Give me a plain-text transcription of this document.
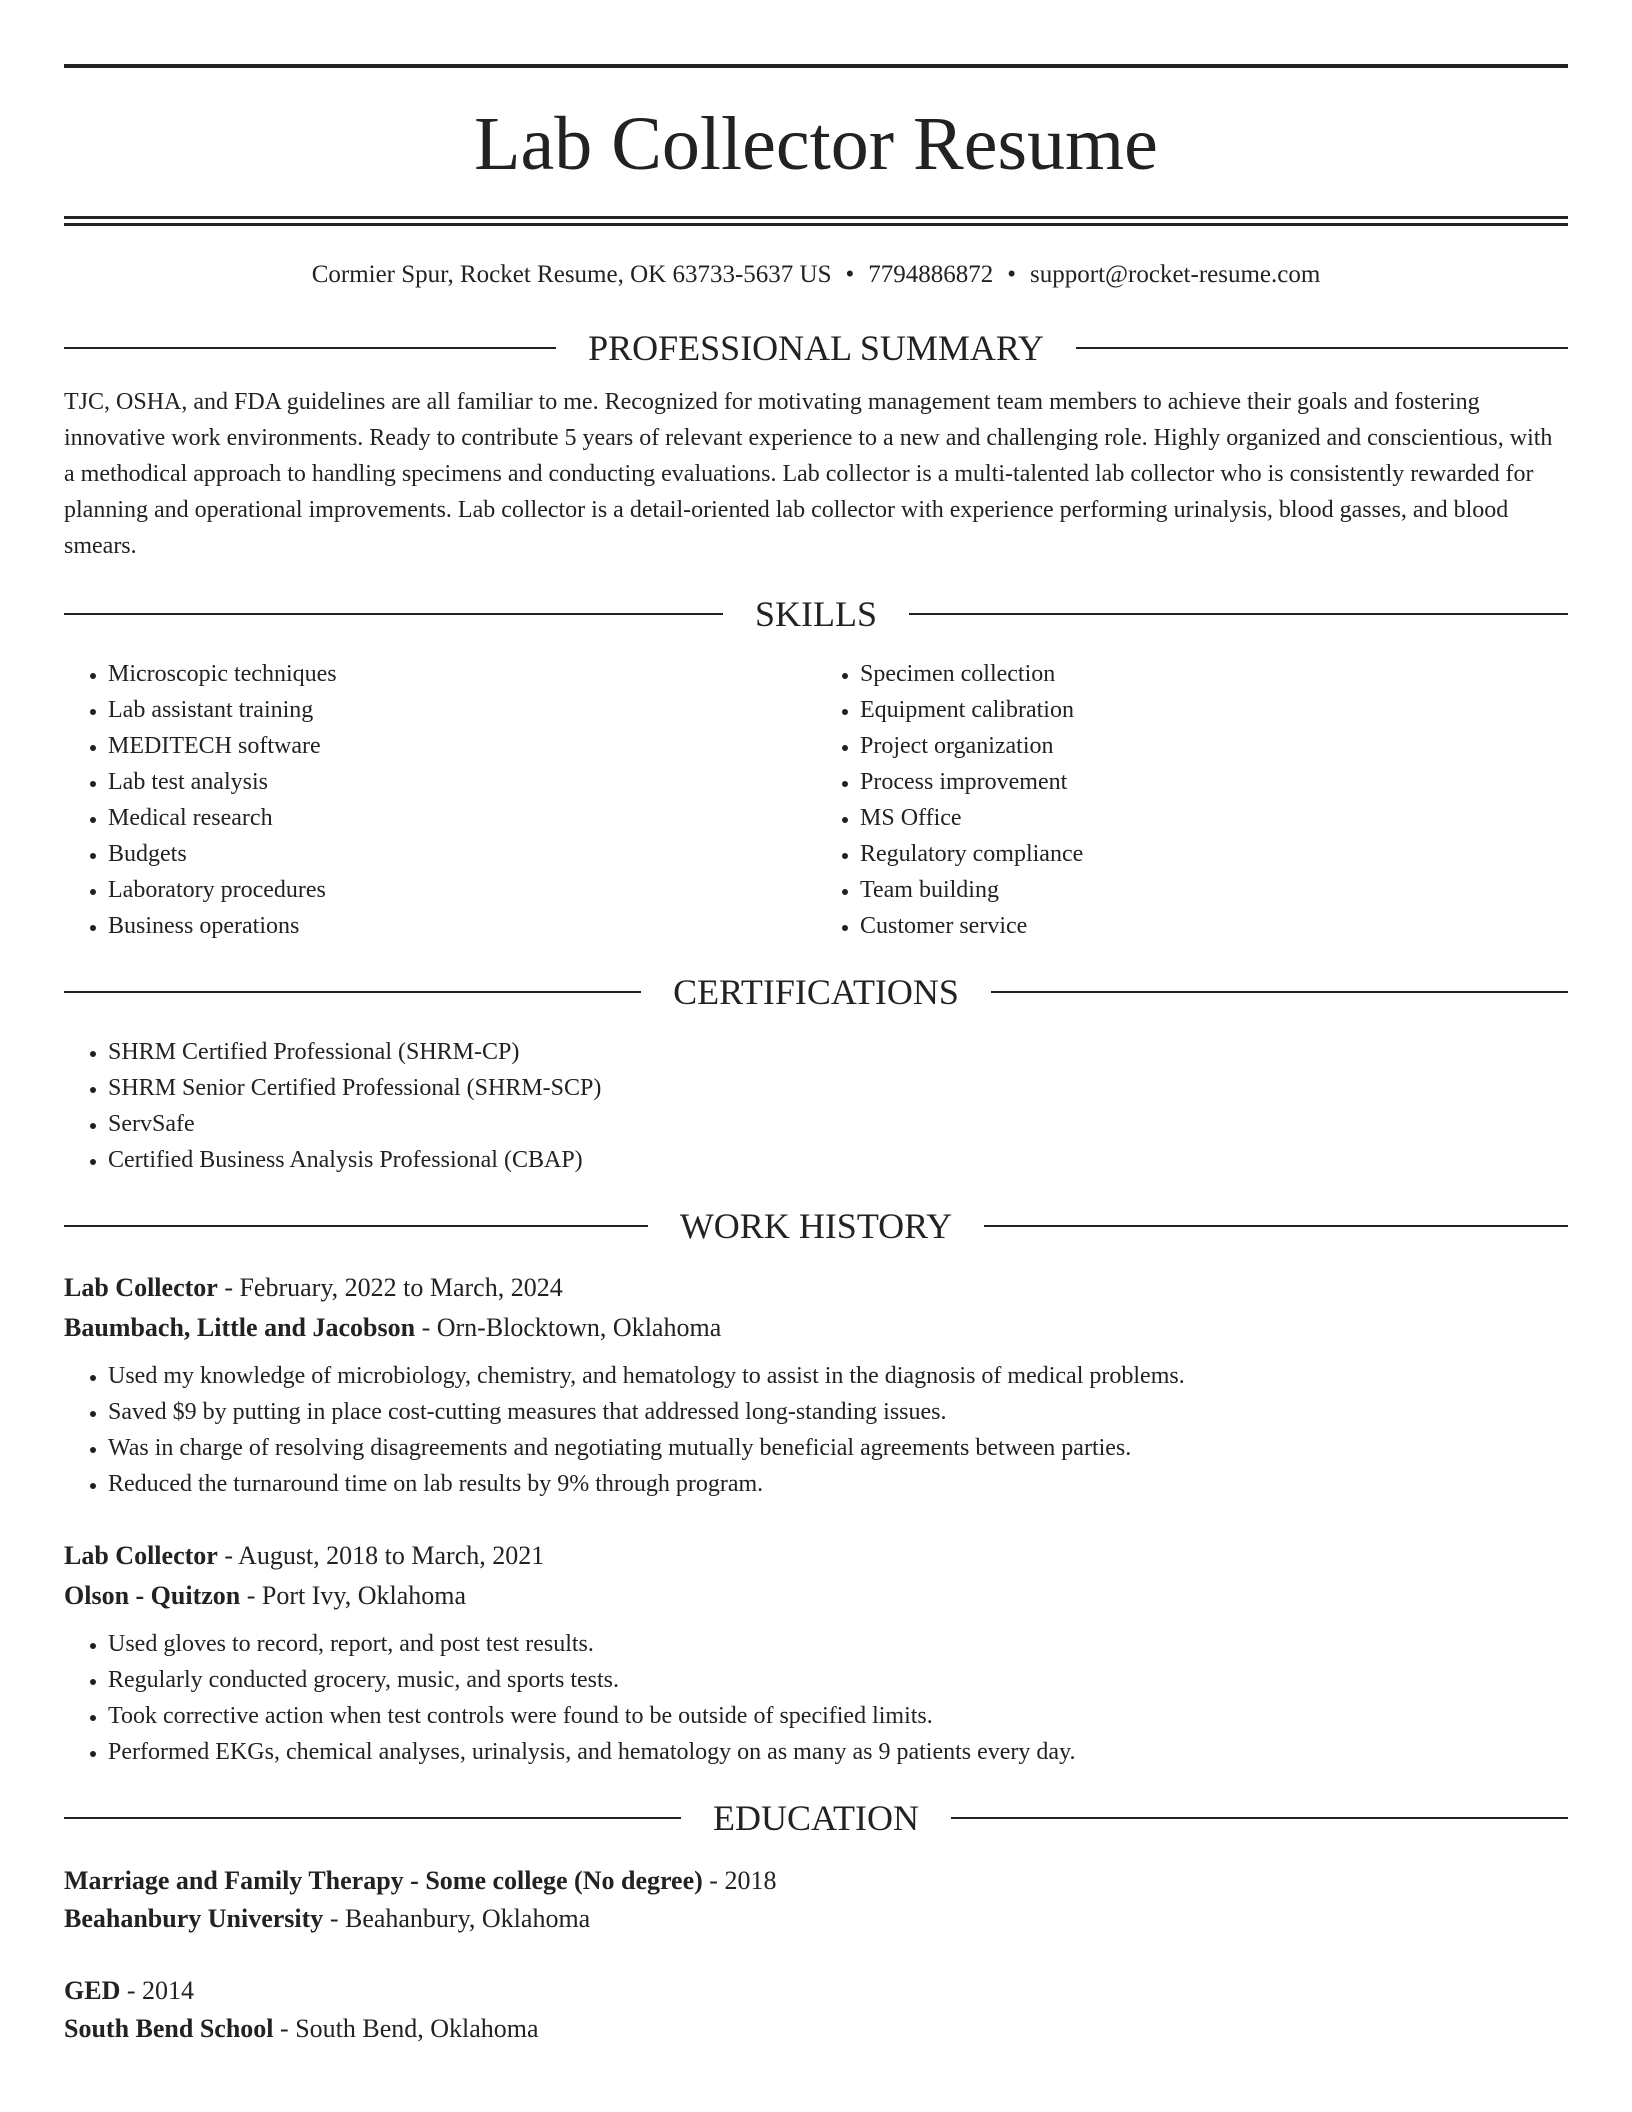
Lab Collector Resume
Cormier Spur, Rocket Resume, OK 63733-5637 US • 7794886872 • support@rocket-resume.com
PROFESSIONAL SUMMARY

TJC, OSHA, and FDA guidelines are all familiar to me. Recognized for motivating management team members to achieve their goals and fostering innovative work environments. Ready to contribute 5 years of relevant experience to a new and challenging role. Highly organized and conscientious, with a methodical approach to handling specimens and conducting evaluations. Lab collector is a multi-talented lab collector who is consistently rewarded for planning and operational improvements. Lab collector is a detail-oriented lab collector with experience performing urinalysis, blood gasses, and blood smears.

SKILLS
• Microscopic techniques
• Lab assistant training
• MEDITECH software
• Lab test analysis
• Medical research
• Budgets
• Laboratory procedures
• Business operations
• Specimen collection
• Equipment calibration
• Project organization
• Process improvement
• MS Office
• Regulatory compliance
• Team building
• Customer service
CERTIFICATIONS
• SHRM Certified Professional (SHRM-CP)
• SHRM Senior Certified Professional (SHRM-SCP)
• ServSafe
• Certified Business Analysis Professional (CBAP)
WORK HISTORY
Lab Collector - February, 2022 to March, 2024
Baumbach, Little and Jacobson - Orn-Blocktown, Oklahoma
• Used my knowledge of microbiology, chemistry, and hematology to assist in the diagnosis of medical problems.
• Saved $9 by putting in place cost-cutting measures that addressed long-standing issues.
• Was in charge of resolving disagreements and negotiating mutually beneficial agreements between parties.
• Reduced the turnaround time on lab results by 9% through program.
Lab Collector - August, 2018 to March, 2021
Olson - Quitzon - Port Ivy, Oklahoma
• Used gloves to record, report, and post test results.
• Regularly conducted grocery, music, and sports tests.
• Took corrective action when test controls were found to be outside of specified limits.
• Performed EKGs, chemical analyses, urinalysis, and hematology on as many as 9 patients every day.
EDUCATION
Marriage and Family Therapy - Some college (No degree) - 2018
Beahanbury University - Beahanbury, Oklahoma
GED - 2014
South Bend School - South Bend, Oklahoma
